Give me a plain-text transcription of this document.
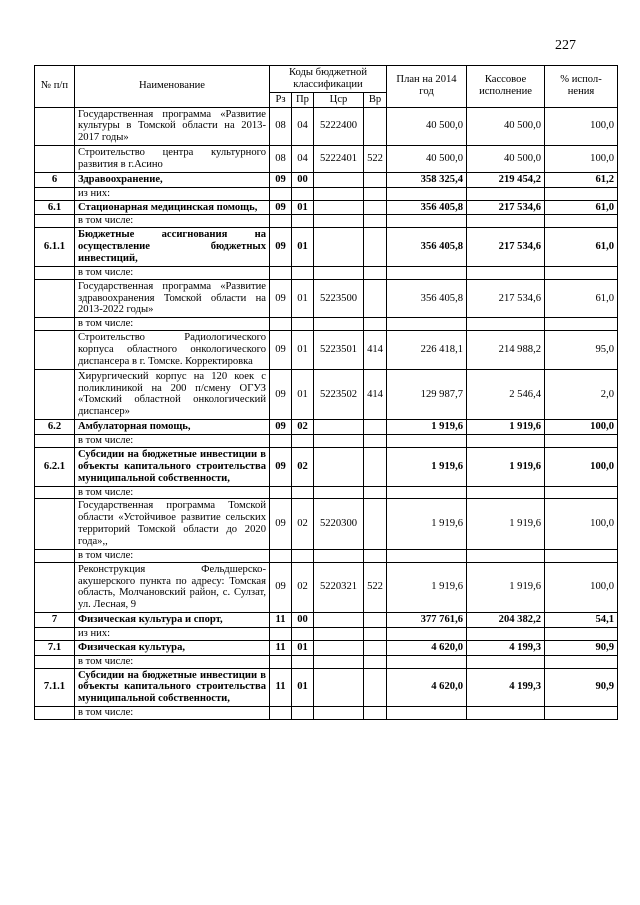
227
№ п/п	Наименование	Коды бюджетной классификации				План на 2014 год	Кассовое исполнение	% испол-нения
		Рз	Пр	Цср	Вр			
	Государственная программа «Развитие культуры в Томской области на 2013-2017 годы»	08	04	5222400		40 500,0	40 500,0	100,0
	Строительство центра культурного развития в г.Асино	08	04	5222401	522	40 500,0	40 500,0	100,0
6	Здравоохранение,	09	00			358 325,4	219 454,2	61,2
	из них:							
6.1	Стационарная медицинская помощь,	09	01			356 405,8	217 534,6	61,0
	в том числе:							
6.1.1	Бюджетные ассигнования на осуществление бюджетных инвестиций,	09	01			356 405,8	217 534,6	61,0
	в том числе:							
	Государственная программа «Развитие здравоохранения Томской области на 2013-2022 годы»	09	01	5223500		356 405,8	217 534,6	61,0
	в том числе:							
	Строительство Радиологического корпуса областного онкологического диспансера в г. Томске. Корректировка	09	01	5223501	414	226 418,1	214 988,2	95,0
	Хирургический корпус на 120 коек с поликлиникой на 200 п/смену ОГУЗ «Томский областной онкологический диспансер»	09	01	5223502	414	129 987,7	2 546,4	2,0
6.2	Амбулаторная помощь,	09	02			1 919,6	1 919,6	100,0
	в том числе:							
6.2.1	Субсидии на бюджетные инвестиции в объекты капитального строительства муниципальной собственности,	09	02			1 919,6	1 919,6	100,0
	в том числе:							
	Государственная программа Томской области «Устойчивое развитие сельских территорий Томской области до 2020 года»,,	09	02	5220300		1 919,6	1 919,6	100,0
	в том числе:							
	Реконструкция Фельдшерско-акушерского пункта по адресу: Томская область, Молчановский район, с. Сулзат, ул. Лесная, 9	09	02	5220321	522	1 919,6	1 919,6	100,0
7	Физическая культура и спорт,	11	00			377 761,6	204 382,2	54,1
	из них:							
7.1	Физическая культура,	11	01			4 620,0	4 199,3	90,9
	в том числе:							
7.1.1	Субсидии на бюджетные инвестиции в объекты капитального строительства муниципальной собственности,	11	01			4 620,0	4 199,3	90,9
	в том числе:							
